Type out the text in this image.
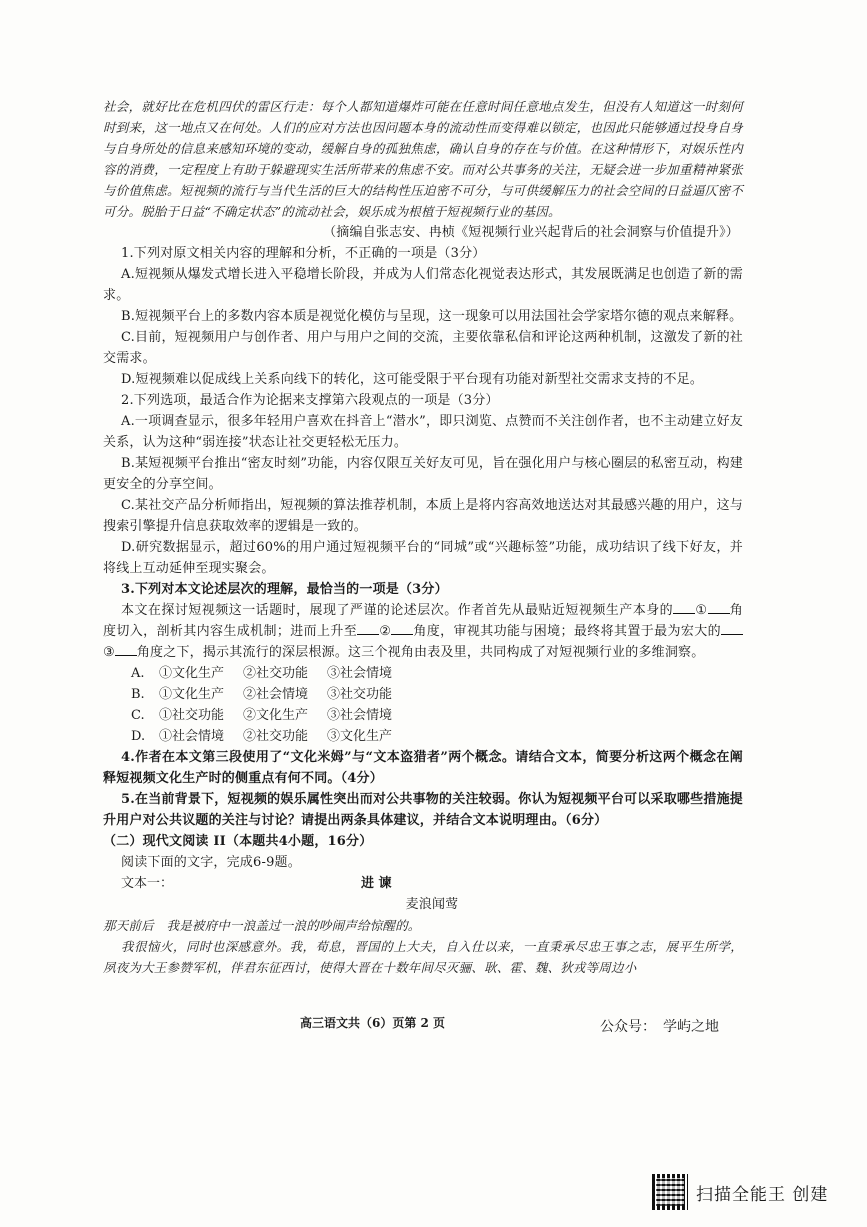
社会，就好比在危机四伏的雷区行走：每个人都知道爆炸可能在任意时间任意地点发生，但没有人知道这一时刻何时到来，这一地点又在何处。人们的应对方法也因问题本身的流动性而变得难以锁定，也因此只能够通过投身自身与自身所处的信息来感知环境的变动，缓解自身的孤独焦虑，确认自身的存在与价值。在这种情形下，对娱乐性内容的消费，一定程度上有助于躲避现实生活所带来的焦虑不安。而对公共事务的关注，无疑会进一步加重精神紧张与价值焦虑。短视频的流行与当代生活的巨大的结构性压迫密不可分，与可供缓解压力的社会空间的日益逼仄密不可分。脱胎于日益“不确定状态”的流动社会，娱乐成为根植于短视频行业的基因。

（摘编自张志安、冉桢《短视频行业兴起背后的社会洞察与价值提升》）

1.下列对原文相关内容的理解和分析，不正确的一项是（3分）

A.短视频从爆发式增长进入平稳增长阶段，并成为人们常态化视觉表达形式，其发展既满足也创造了新的需求。

B.短视频平台上的多数内容本质是视觉化模仿与呈现，这一现象可以用法国社会学家塔尔德的观点来解释。

C.目前，短视频用户与创作者、用户与用户之间的交流，主要依靠私信和评论这两种机制，这激发了新的社交需求。

D.短视频难以促成线上关系向线下的转化，这可能受限于平台现有功能对新型社交需求支持的不足。

2.下列选项，最适合作为论据来支撑第六段观点的一项是（3分）

A.一项调查显示，很多年轻用户喜欢在抖音上“潜水”，即只浏览、点赞而不关注创作者，也不主动建立好友关系，认为这种“弱连接”状态让社交更轻松无压力。

B.某短视频平台推出“密友时刻”功能，内容仅限互关好友可见，旨在强化用户与核心圈层的私密互动，构建更安全的分享空间。

C.某社交产品分析师指出，短视频的算法推荐机制，本质上是将内容高效地送达对其最感兴趣的用户，这与搜索引擎提升信息获取效率的逻辑是一致的。

D.研究数据显示，超过60%的用户通过短视频平台的“同城”或“兴趣标签”功能，成功结识了线下好友，并将线上互动延伸至现实聚会。

3.下列对本文论述层次的理解，最恰当的一项是（3分）

本文在探讨短视频这一话题时，展现了严谨的论述层次。作者首先从最贴近短视频生产本身的 ① 角度切入，剖析其内容生成机制；进而上升至 ② 角度，审视其功能与困境；最终将其置于最为宏大的③ 角度之下，揭示其流行的深层根源。这三个视角由表及里，共同构成了对短视频行业的多维洞察。

A.	①文化生产	②社交功能	③社会情境
B.	①文化生产	②社会情境	③社交功能
C.	①社交功能	②文化生产	③社会情境
D.	①社会情境	②社交功能	③文化生产

4.作者在本文第三段使用了“文化米姆”与“文本盗猎者”两个概念。请结合文本，简要分析这两个概念在阐释短视频文化生产时的侧重点有何不同。（4分）

5.在当前背景下，短视频的娱乐属性突出而对公共事物的关注较弱。你认为短视频平台可以采取哪些措施提升用户对公共议题的关注与讨论？请提出两条具体建议，并结合文本说明理由。（6分）

（二）现代文阅读 II（本题共4小题，16分）

阅读下面的文字，完成6-9题。

文本一：	进 谏

麦浪闻莺

那天前后　我是被府中一浪盖过一浪的吵闹声给惊醒的。

我很恼火，同时也深感意外。我，荀息，晋国的上大夫，自入仕以来，一直秉承尽忠王事之志，展平生所学，夙夜为大王参赞军机，伴君东征西讨，使得大晋在十数年间尽灭骊、耿、霍、魏、狄戎等周边小

高三语文共（6）页第 2 页	公众号：　学屿之地
扫描全能王 创建
